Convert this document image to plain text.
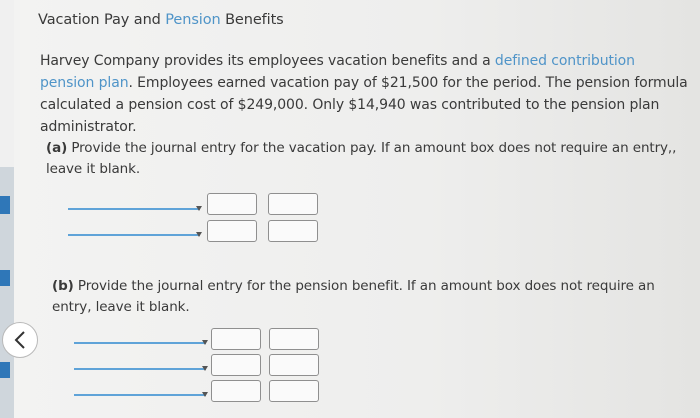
Vacation Pay and Pension Benefits
Harvey Company provides its employees vacation benefits and a defined contribution pension plan. Employees earned vacation pay of $21,500 for the period. The pension formula calculated a pension cost of $249,000. Only $14,940 was contributed to the pension plan administrator.
(a) Provide the journal entry for the vacation pay. If an amount box does not require an entry,, leave it blank.
(b) Provide the journal entry for the pension benefit. If an amount box does not require an entry, leave it blank.
